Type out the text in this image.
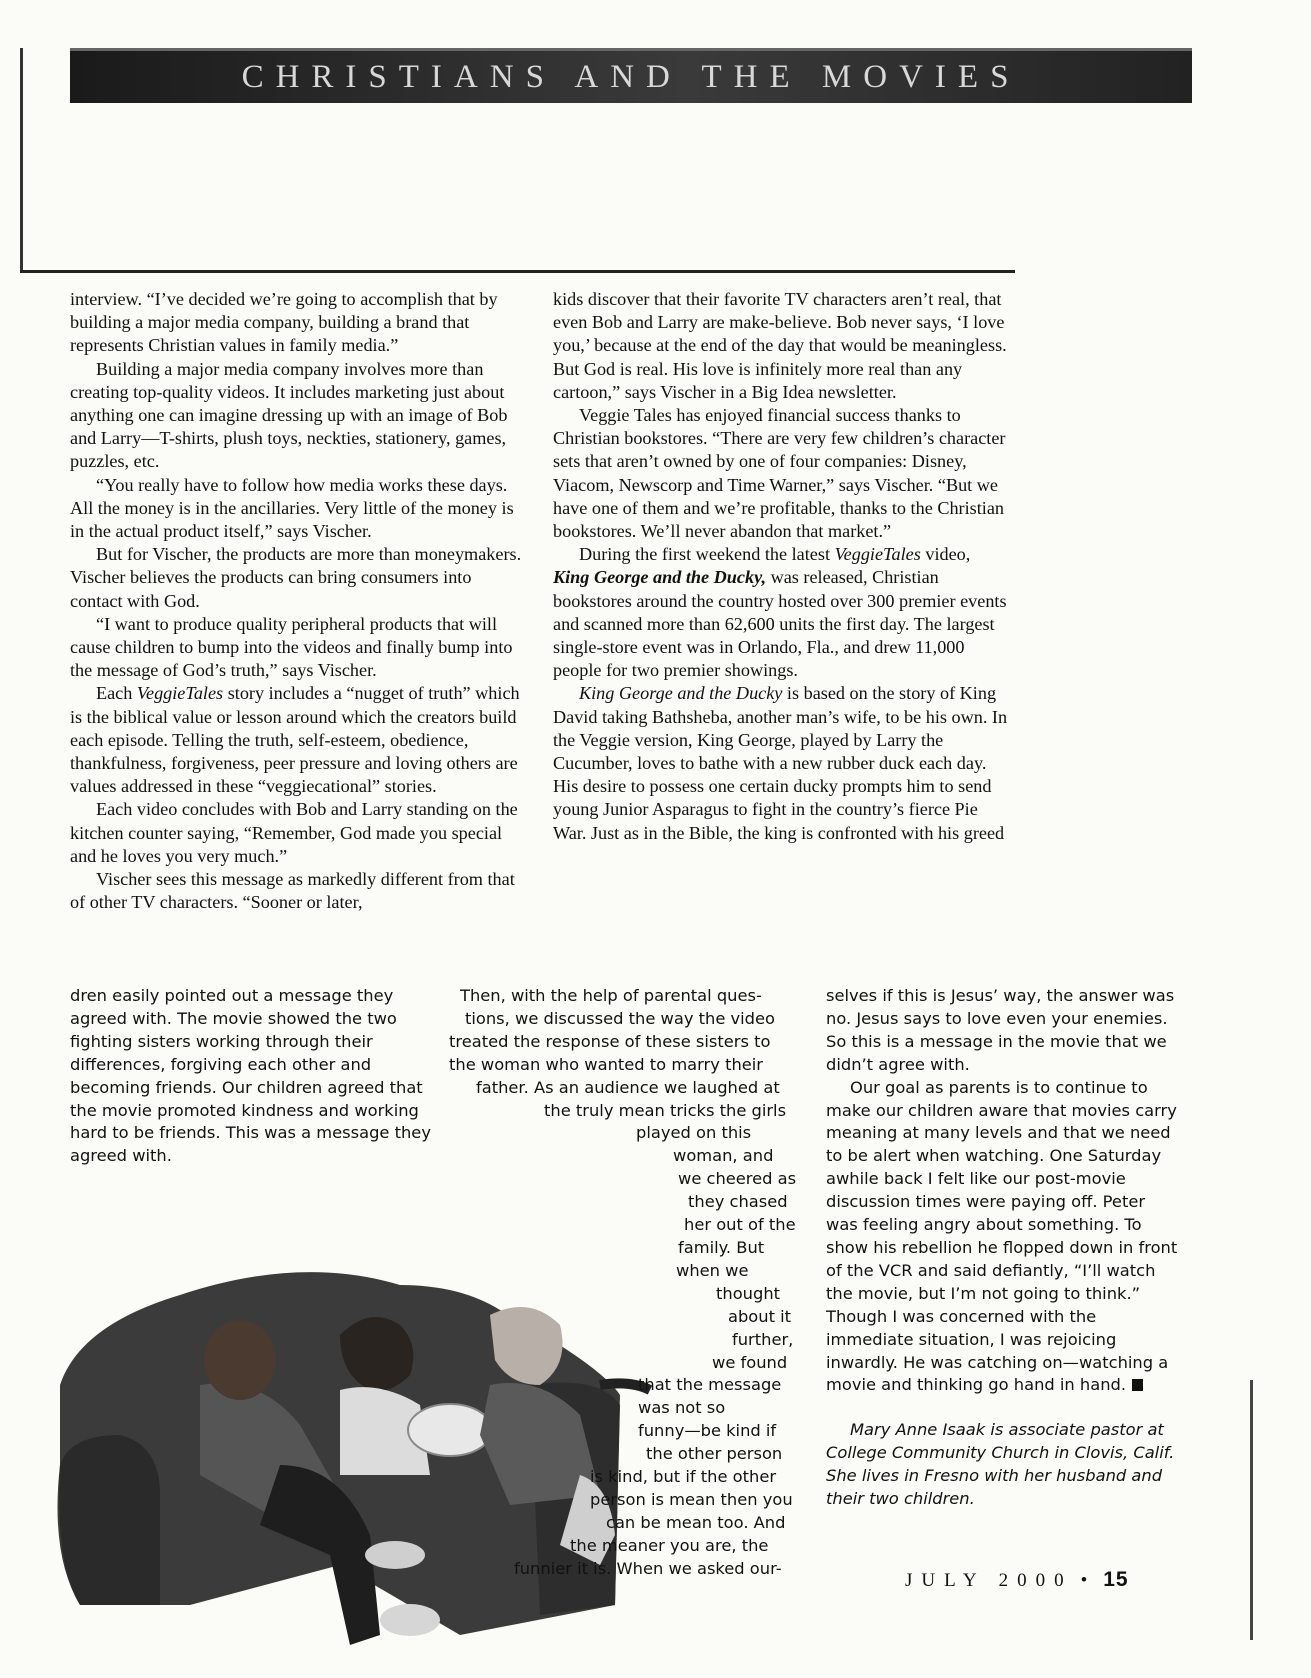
CHRISTIANS AND THE MOVIES

interview. “I’ve decided we’re going to accomplish that by building a major media company, building a brand that represents Christian values in family media.”

Building a major media company involves more than creating top-quality videos. It includes marketing just about anything one can imagine dressing up with an image of Bob and Larry—T-shirts, plush toys, neckties, stationery, games, puzzles, etc.

“You really have to follow how media works these days. All the money is in the ancillaries. Very little of the money is in the actual product itself,” says Vischer.

But for Vischer, the products are more than moneymakers. Vischer believes the products can bring consumers into contact with God.

“I want to produce quality peripheral products that will cause children to bump into the videos and finally bump into the message of God’s truth,” says Vischer.

Each VeggieTales story includes a “nugget of truth” which is the biblical value or lesson around which the creators build each episode. Telling the truth, self-esteem, obedience, thankfulness, forgiveness, peer pressure and loving others are values addressed in these “veggiecational” stories.

Each video concludes with Bob and Larry standing on the kitchen counter saying, “Remember, God made you special and he loves you very much.”

Vischer sees this message as markedly different from that of other TV characters. “Sooner or later,

kids discover that their favorite TV characters aren’t real, that even Bob and Larry are make-believe. Bob never says, ‘I love you,’ because at the end of the day that would be meaningless. But God is real. His love is infinitely more real than any cartoon,” says Vischer in a Big Idea newsletter.

Veggie Tales has enjoyed financial success thanks to Christian bookstores. “There are very few children’s character sets that aren’t owned by one of four companies: Disney, Viacom, Newscorp and Time Warner,” says Vischer. “But we have one of them and we’re profitable, thanks to the Christian bookstores. We’ll never abandon that market.”

During the first weekend the latest VeggieTales video, King George and the Ducky, was released, Christian bookstores around the country hosted over 300 premier events and scanned more than 62,600 units the first day. The largest single-store event was in Orlando, Fla., and drew 11,000 people for two premier showings.

King George and the Ducky is based on the story of King David taking Bathsheba, another man’s wife, to be his own. In the Veggie version, King George, played by Larry the Cucumber, loves to bathe with a new rubber duck each day. His desire to possess one certain ducky prompts him to send young Junior Asparagus to fight in the country’s fierce Pie War. Just as in the Bible, the king is confronted with his greed

dren easily pointed out a message they agreed with. The movie showed the two fighting sisters working through their differences, forgiving each other and becoming friends. Our children agreed that the movie promoted kindness and working hard to be friends. This was a message they agreed with.

Then, with the help of parental ques-
tions, we discussed the way the video
treated the response of these sisters to
the woman who wanted to marry their
father. As an audience we laughed at
the truly mean tricks the girls
played on this
woman, and
we cheered as
they chased
her out of the
family. But
when we
thought
about it
further,
we found
that the message
was not so
funny—be kind if
the other person
is kind, but if the other
person is mean then you
can be mean too. And
the meaner you are, the
funnier it is. When we asked our-

selves if this is Jesus’ way, the answer was no. Jesus says to love even your enemies. So this is a message in the movie that we didn’t agree with.

Our goal as parents is to continue to make our children aware that movies carry meaning at many levels and that we need to be alert when watching. One Saturday awhile back I felt like our post-movie discussion times were paying off. Peter was feeling angry about something. To show his rebellion he flopped down in front of the VCR and said defiantly, “I’ll watch the movie, but I’m not going to think.” Though I was concerned with the immediate situation, I was rejoicing inwardly. He was catching on—watching a movie and thinking go hand in hand.

Mary Anne Isaak is associate pastor at College Community Church in Clovis, Calif. She lives in Fresno with her husband and their two children.

JULY 2000 • 15
